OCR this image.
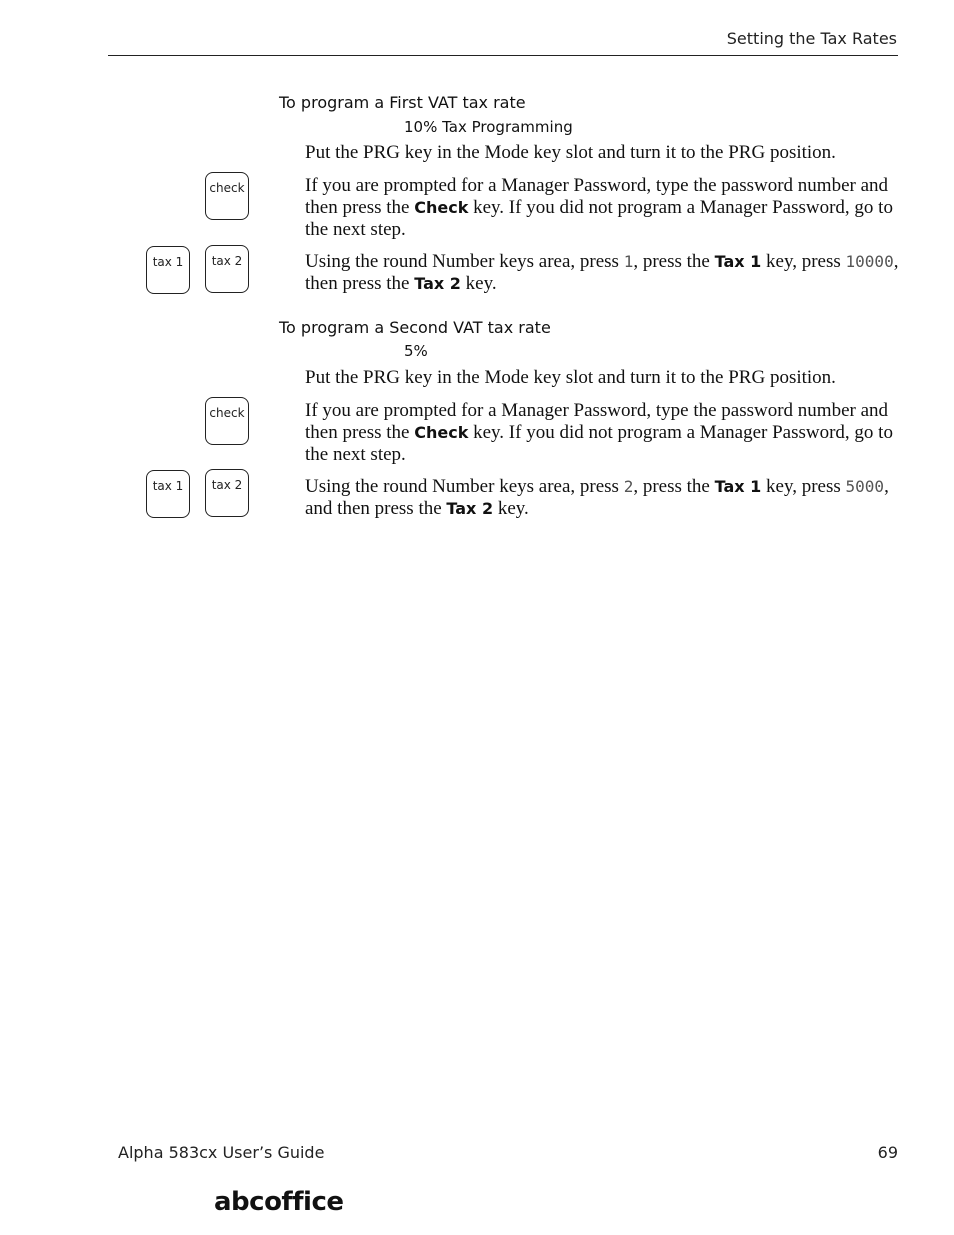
Setting the Tax Rates
To program a First VAT tax rate
10% Tax Programming
Put the PRG key in the Mode key slot and turn it to the PRG position.
check	If you are prompted for a Manager Password, type the password number and then press the Check key. If you did not program a Manager Password, go to the next step.
tax 1	tax 2	Using the round Number keys area, press 1, press the Tax 1 key, press 10000, then press the Tax 2 key.
To program a Second VAT tax rate
5%
Put the PRG key in the Mode key slot and turn it to the PRG position.
check	If you are prompted for a Manager Password, type the password number and then press the Check key. If you did not program a Manager Password, go to the next step.
tax 1	tax 2	Using the round Number keys area, press 2, press the Tax 1 key, press 5000, and then press the Tax 2 key.
Alpha 583cx User’s Guide	69
abcoffice
